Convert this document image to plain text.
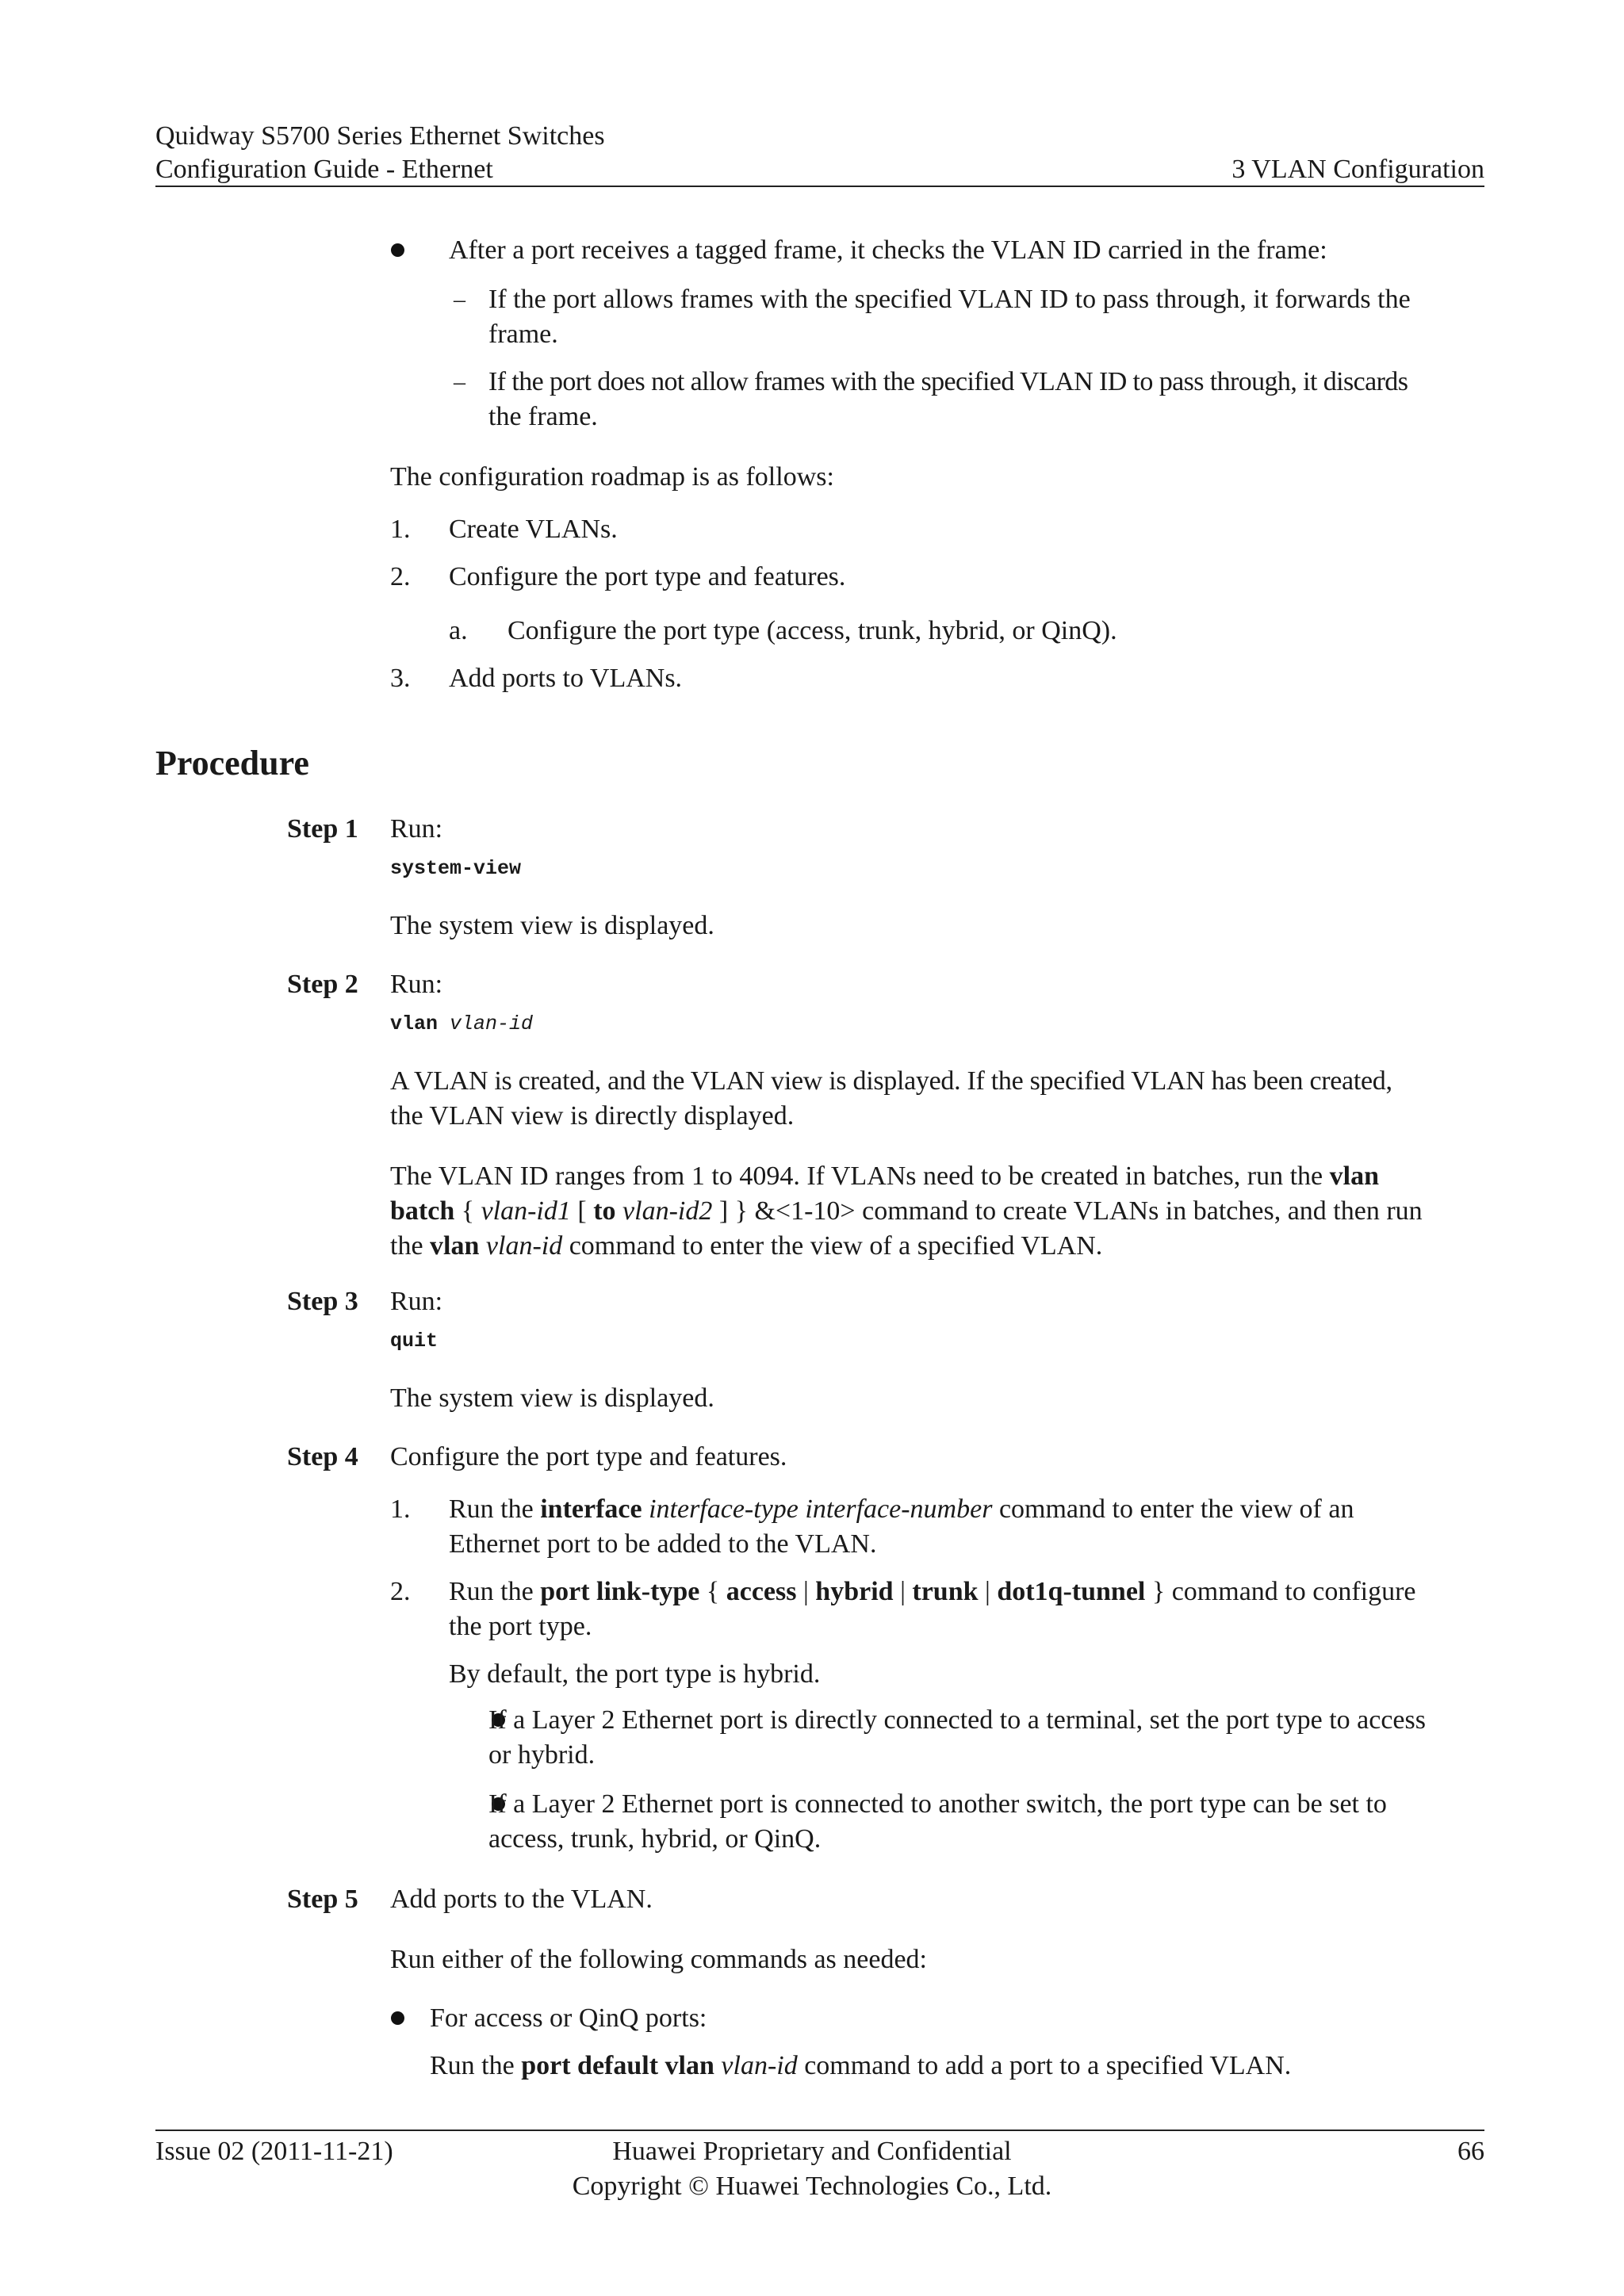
Quidway S5700 Series Ethernet Switches
Configuration Guide - Ethernet	3 VLAN Configuration
After a port receives a tagged frame, it checks the VLAN ID carried in the frame:
– If the port allows frames with the specified VLAN ID to pass through, it forwards the
frame.
– If the port does not allow frames with the specified VLAN ID to pass through, it discards
the frame.
The configuration roadmap is as follows:
1. Create VLANs.
2. Configure the port type and features.
a. Configure the port type (access, trunk, hybrid, or QinQ).
3. Add ports to VLANs.
Procedure
Step 1 Run:
system-view
The system view is displayed.
Step 2 Run:
vlan vlan-id
A VLAN is created, and the VLAN view is displayed. If the specified VLAN has been created,
the VLAN view is directly displayed.
The VLAN ID ranges from 1 to 4094. If VLANs need to be created in batches, run the vlan
batch { vlan-id1 [ to vlan-id2 ] } &<1-10> command to create VLANs in batches, and then run
the vlan vlan-id command to enter the view of a specified VLAN.
Step 3 Run:
quit
The system view is displayed.
Step 4 Configure the port type and features.
1. Run the interface interface-type interface-number command to enter the view of an
Ethernet port to be added to the VLAN.
2. Run the port link-type { access | hybrid | trunk | dot1q-tunnel } command to configure
the port type.
By default, the port type is hybrid.
If a Layer 2 Ethernet port is directly connected to a terminal, set the port type to access
or hybrid.
If a Layer 2 Ethernet port is connected to another switch, the port type can be set to
access, trunk, hybrid, or QinQ.
Step 5 Add ports to the VLAN.
Run either of the following commands as needed:
For access or QinQ ports:
Run the port default vlan vlan-id command to add a port to a specified VLAN.
Issue 02 (2011-11-21)	Huawei Proprietary and Confidential
Copyright © Huawei Technologies Co., Ltd.
66
